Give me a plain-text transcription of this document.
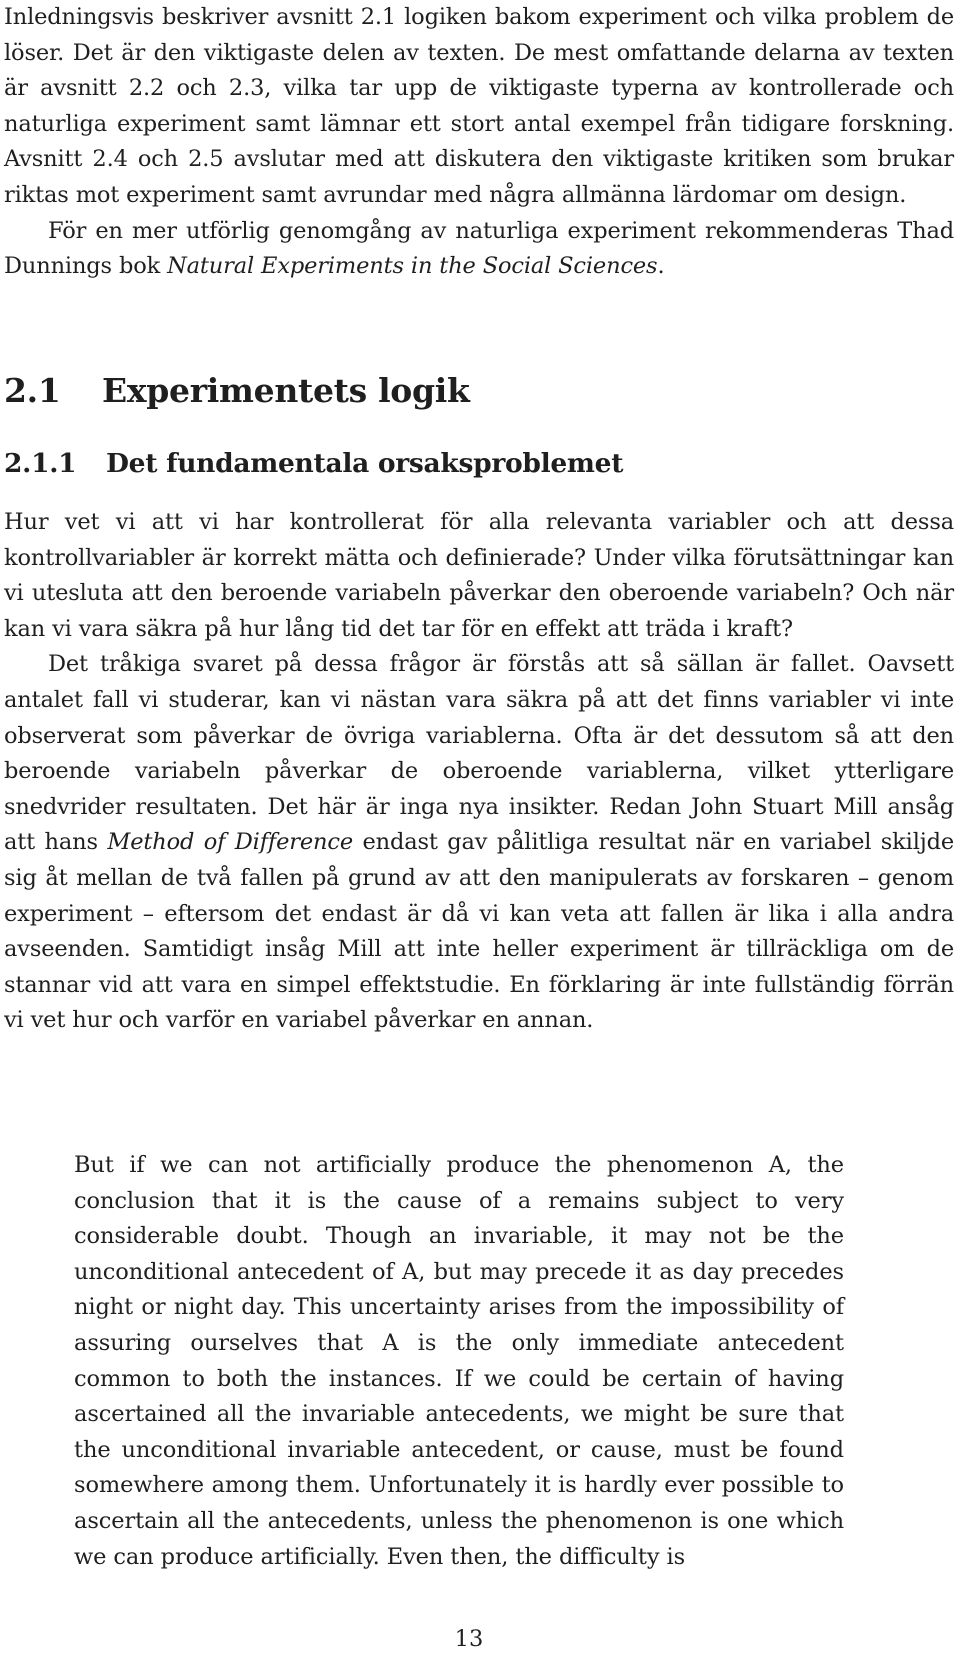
Inledningsvis beskriver avsnitt 2.1 logiken bakom experiment och vilka problem de löser. Det är den viktigaste delen av texten. De mest omfattande delarna av texten är avsnitt 2.2 och 2.3, vilka tar upp de viktigaste typerna av kontrollerade och naturliga experiment samt lämnar ett stort antal exempel från tidigare forskning. Avsnitt 2.4 och 2.5 avslutar med att diskutera den viktigaste kritiken som brukar riktas mot experiment samt avrundar med några allmänna lärdomar om design.

För en mer utförlig genomgång av naturliga experiment rekommenderas Thad Dunnings bok Natural Experiments in the Social Sciences.

2.1	Experimentets logik
2.1.1	Det fundamentala orsaksproblemet

Hur vet vi att vi har kontrollerat för alla relevanta variabler och att dessa kontrollvariabler är korrekt mätta och definierade? Under vilka förutsättningar kan vi utesluta att den beroende variabeln påverkar den oberoende variabeln? Och när kan vi vara säkra på hur lång tid det tar för en effekt att träda i kraft?

Det tråkiga svaret på dessa frågor är förstås att så sällan är fallet. Oavsett antalet fall vi studerar, kan vi nästan vara säkra på att det finns variabler vi inte observerat som påverkar de övriga variablerna. Ofta är det dessutom så att den beroende variabeln påverkar de oberoende variablerna, vilket ytterligare snedvrider resultaten. Det här är inga nya insikter. Redan John Stuart Mill ansåg att hans Method of Difference endast gav pålitliga resultat när en variabel skiljde sig åt mellan de två fallen på grund av att den manipulerats av forskaren – genom experiment – eftersom det endast är då vi kan veta att fallen är lika i alla andra avseenden. Samtidigt insåg Mill att inte heller experiment är tillräckliga om de stannar vid att vara en simpel effektstudie. En förklaring är inte fullständig förrän vi vet hur och varför en variabel påverkar en annan.

But if we can not artificially produce the phenomenon A, the conclusion that it is the cause of a remains subject to very considerable doubt. Though an invariable, it may not be the unconditional antecedent of A, but may precede it as day precedes night or night day. This uncertainty arises from the impossibility of assuring ourselves that A is the only immediate antecedent common to both the instances. If we could be certain of having ascertained all the invariable antecedents, we might be sure that the unconditional invariable antecedent, or cause, must be found somewhere among them. Unfortunately it is hardly ever possible to ascertain all the antecedents, unless the phenomenon is one which we can produce artificially. Even then, the difficulty is

13
